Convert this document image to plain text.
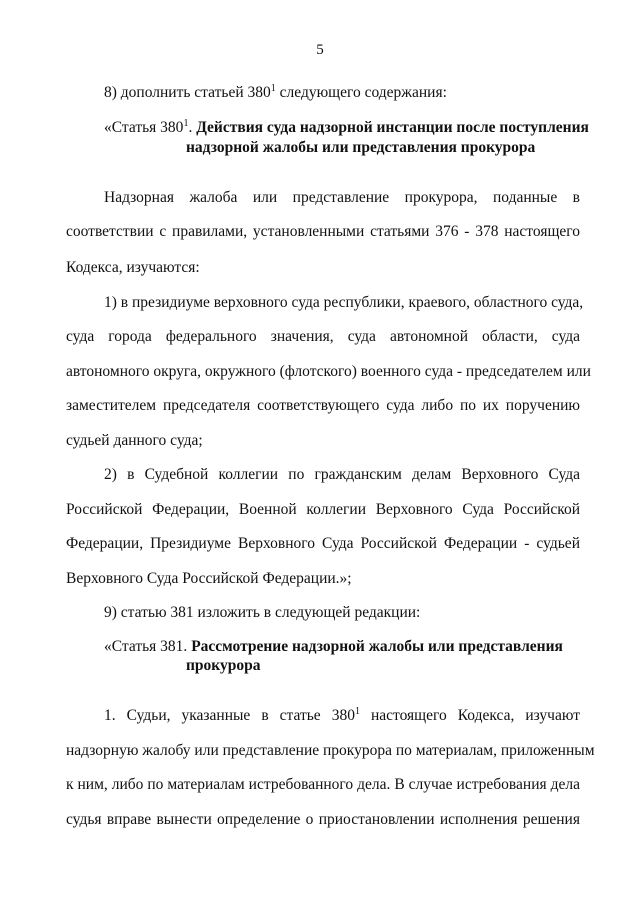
5
8) дополнить статьей $380^1$ следующего содержания:
«Статья $380^1$. Действия суда надзорной инстанции после поступления
надзорной жалобы или представления прокурора
Надзорная жалоба или представление прокурора, поданные в
соответствии с правилами, установленными статьями 376 - 378 настоящего
Кодекса, изучаются:
1) в президиуме верховного суда республики, краевого, областного суда,
суда города федерального значения, суда автономной области, суда
автономного округа, окружного (флотского) военного суда - председателем или
заместителем председателя соответствующего суда либо по их поручению
судьей данного суда;
2) в Судебной коллегии по гражданским делам Верховного Суда
Российской Федерации, Военной коллегии Верховного Суда Российской
Федерации, Президиуме Верховного Суда Российской Федерации - судьей
Верховного Суда Российской Федерации.»;
9) статью 381 изложить в следующей редакции:
«Статья 381. Рассмотрение надзорной жалобы или представления
прокурора
1. Судьи, указанные в статье $380^1$ настоящего Кодекса, изучают
надзорную жалобу или представление прокурора по материалам, приложенным
к ним, либо по материалам истребованного дела. В случае истребования дела
судья вправе вынести определение о приостановлении исполнения решения
